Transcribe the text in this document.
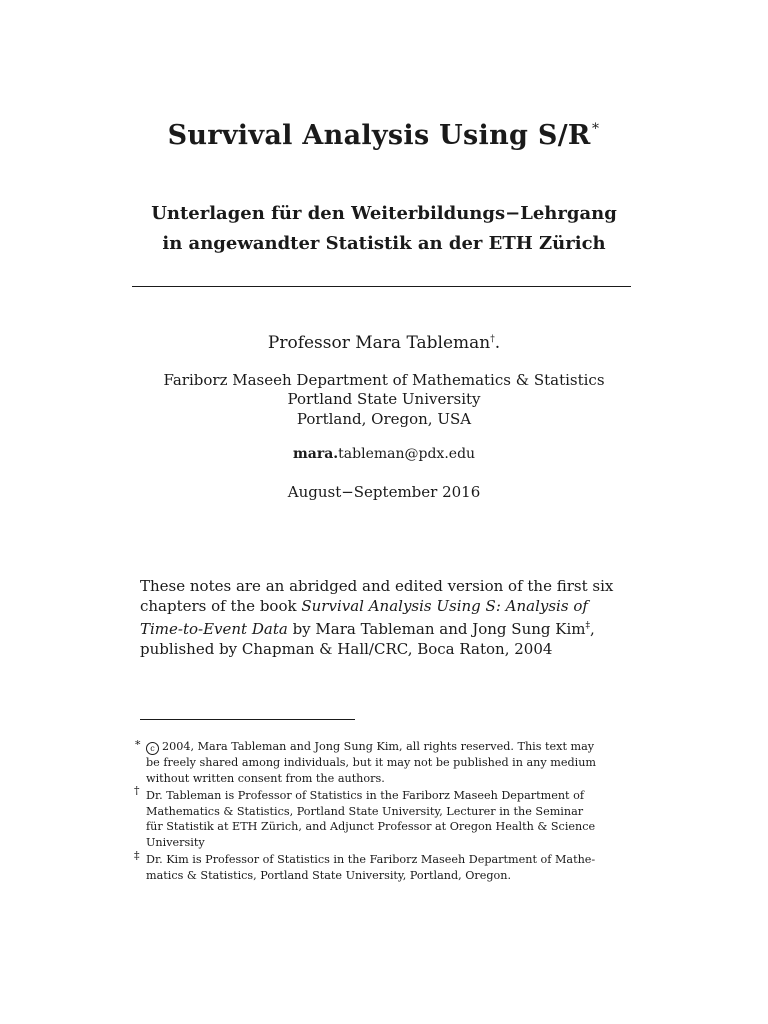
Survival Analysis Using S/R∗
Unterlagen für den Weiterbildungs−Lehrgang
in angewandter Statistik an der ETH Zürich
Professor Mara Tableman†.
Fariborz Maseeh Department of Mathematics & Statistics
Portland State University
Portland, Oregon, USA
mara.tableman@pdx.edu
August−September 2016
These notes are an abridged and edited version of the first six
chapters of the book Survival Analysis Using S: Analysis of
Time-to-Event Data by Mara Tableman and Jong Sung Kim‡,
published by Chapman & Hall/CRC, Boca Raton, 2004
∗	c 2004, Mara Tableman and Jong Sung Kim, all rights reserved. This text may
be freely shared among individuals, but it may not be published in any medium
without written consent from the authors.
† Dr. Tableman is Professor of Statistics in the Fariborz Maseeh Department of
Mathematics & Statistics, Portland State University, Lecturer in the Seminar
für Statistik at ETH Zürich, and Adjunct Professor at Oregon Health & Science
University
‡ Dr. Kim is Professor of Statistics in the Fariborz Maseeh Department of Mathe-
matics & Statistics, Portland State University, Portland, Oregon.
